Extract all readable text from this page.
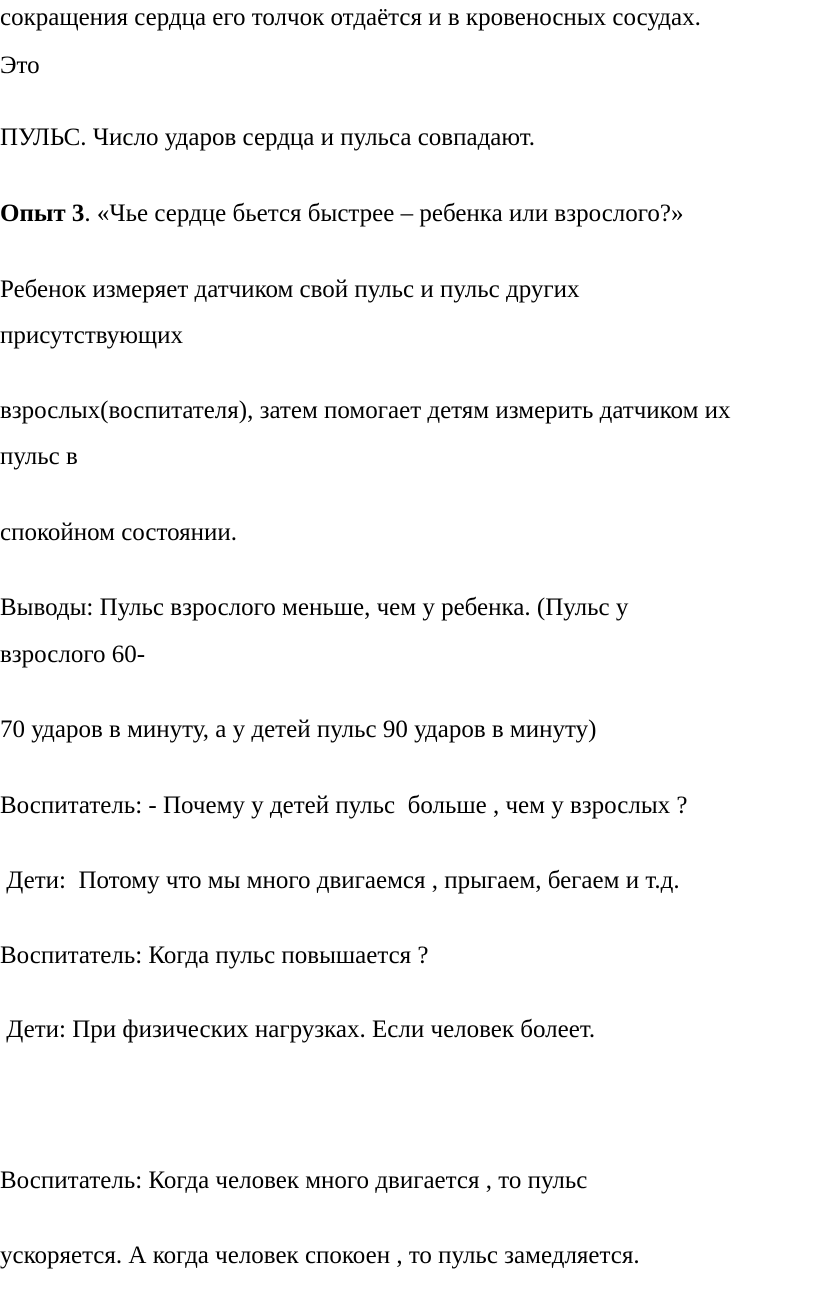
сокращения сердца его толчок отдаётся и в кровеносных сосудах.
Это
ПУЛЬС. Число ударов сердца и пульса совпадают.
Опыт 3. «Чье сердце бьется быстрее – ребенка или взрослого?»
Ребенок измеряет датчиком свой пульс и пульс других
присутствующих
взрослых(воспитателя), затем помогает детям измерить датчиком их
пульс в
спокойном состоянии.
Выводы: Пульс взрослого меньше, чем у ребенка. (Пульс у
взрослого 60-
70 ударов в минуту, а у детей пульс 90 ударов в минуту)
Воспитатель: - Почему у детей пульс  больше , чем у взрослых ?
Дети:  Потому что мы много двигаемся , прыгаем, бегаем и т.д.
Воспитатель: Когда пульс повышается ?
Дети: При физических нагрузках. Если человек болеет.
Воспитатель: Когда человек много двигается , то пульс
ускоряется. А когда человек спокоен , то пульс замедляется.
